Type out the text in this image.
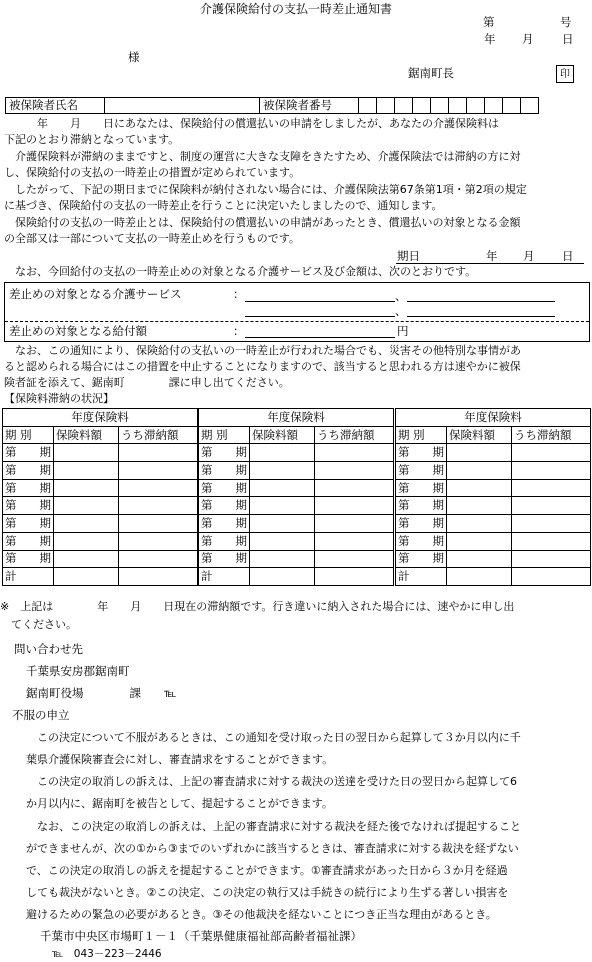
介護保険給付の支払一時差止通知書
第	号
年 月 日
様
鋸南町長	印
被保険者氏名		被保険者番号										
　　　年　　月　　日にあなたは、保険給付の償還払いの申請をしましたが、あなたの介護保険料は
下記のとおり滞納となっています。
　介護保険料が滞納のままですと、制度の運営に大きな支障をきたすため、介護保険法では滞納の方に対
し、保険給付の支払の一時差止の措置が定められています。
　したがって、下記の期日までに保険料が納付されない場合には、介護保険法第67条第1項・第2項の規定
に基づき、保険給付の支払の一時差止を行うことに決定いたしましたので、通知します。
　保険給付の支払の一時差止とは、保険給付の償還払いの申請があったとき、償還払いの対象となる金額
の全部又は一部について支払の一時差止めを行うものです。
期日	年 月 日
　なお、今回給付の支払の一時差止めの対象となる介護サービス及び金額は、次のとおりです。
差止めの対象となる介護サービス	：	、
、
差止めの対象となる給付額	：	円
　なお、この通知により、保険給付の支払いの一時差止が行われた場合でも、災害その他特別な事情があ
ると認められる場合にはこの措置を中止することになりますので、該当すると思われる方は速やかに被保
険者証を添えて、鋸南町　　　　課に申し出てください。
【保険料滞納の状況】
年度保険料		
期 別	保険料額	うち滞納額
第　　期		
第　　期		
第　　期		
第　　期		
第　　期		
第　　期		
第　　期		
計		
年度保険料		
期 別	保険料額	うち滞納額
第　　期		
第　　期		
第　　期		
第　　期		
第　　期		
第　　期		
第　　期		
計		
年度保険料		
期 別	保険料額	うち滞納額
第　　期		
第　　期		
第　　期		
第　　期		
第　　期		
第　　期		
第　　期		
計		
※　上記は　　　　年　　月　　日現在の滞納額です。行き違いに納入された場合には、速やかに申し出
　てください。
問い合わせ先
千葉県安房郡鋸南町
鋸南町役場　　　　課　　℡
不服の申立
　この決定について不服があるときは、この通知を受け取った日の翌日から起算して３か月以内に千
葉県介護保険審査会に対し、審査請求をすることができます。
　この決定の取消しの訴えは、上記の審査請求に対する裁決の送達を受けた日の翌日から起算して6
か月以内に、鋸南町を被告として、提起することができます。
　なお、この決定の取消しの訴えは、上記の審査請求に対する裁決を経た後でなければ提起すること
ができませんが、次の①から③までのいずれかに該当するときは、審査請求に対する裁決を経ずない
で、この決定の取消しの訴えを提起することができます。①審査請求があった日から３か月を経過
しても裁決がないとき。②この決定、この決定の執行又は手続きの続行により生ずる著しい損害を
避けるための緊急の必要があるとき。③その他裁決を経ないことにつき正当な理由があるとき。
千葉市中央区市場町１－１（千葉県健康福祉部高齢者福祉課）
℡　043－223－2446
